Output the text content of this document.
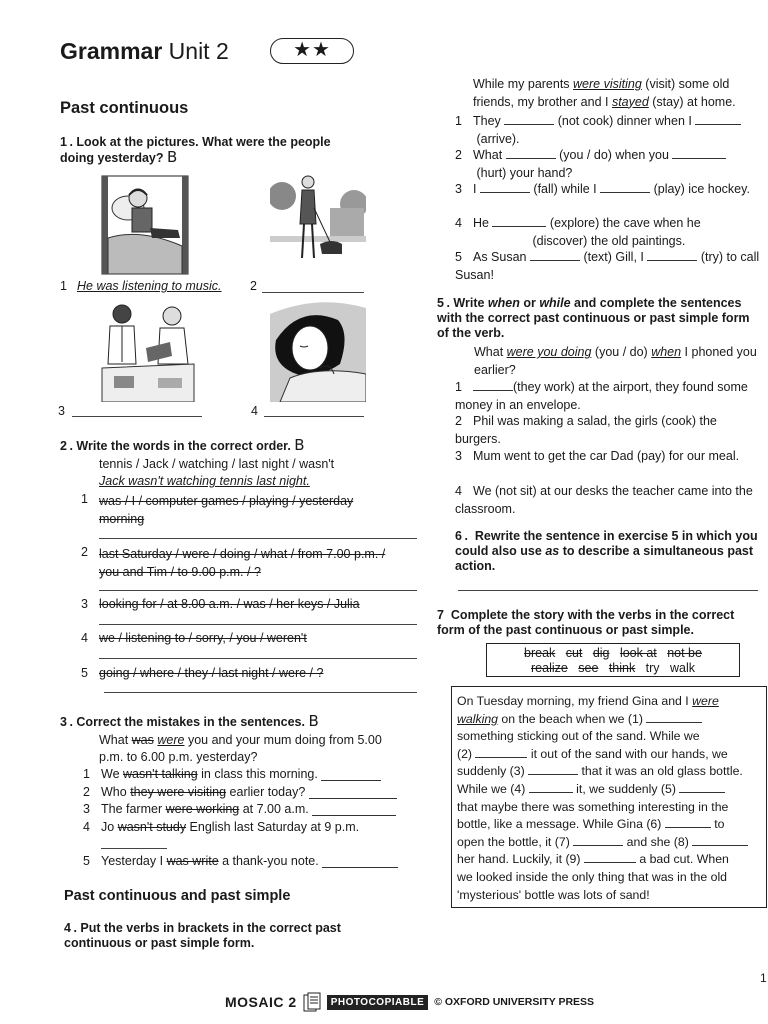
Grammar Unit 2	★★
Past continuous
1 . Look at the pictures. What were the people doing yesterday? B
1 He was listening to music. 2
3	4
2 . Write the words in the correct order. B
tennis / Jack / watching / last night / wasn't
Jack wasn't watching tennis last night.
1 was / I / computer games / playing / yesterday morning
2 last Saturday / were / doing / what / from 7.00 p.m. / you and Tim / to 9.00 p.m. / ?
3 looking for / at 8.00 a.m. / was / her keys / Julia
4 we / listening to / sorry, / you / weren't
5 going / where / they / last night / were / ?
3 . Correct the mistakes in the sentences. B
What was were you and your mum doing from 5.00 p.m. to 6.00 p.m. yesterday?
1 We wasn't talking in class this morning.
2 Who they were visiting earlier today?
3 The farmer were working at 7.00 a.m.
4 Jo wasn't study English last Saturday at 9 p.m.
5 Yesterday I was write a thank-you note.
Past continuous and past simple
4 . Put the verbs in brackets in the correct past continuous or past simple form.
While my parents were visiting (visit) some old friends, my brother and I stayed (stay) at home.
1 They	(not cook) dinner when I
(arrive).
2 What	(you / do) when you
(hurt) your hand?
3 I	(fall) while I	(play) ice hockey.
4 He	(explore) the cave when he
(discover) the old paintings.
5 As Susan	(text) Gill, I	(try) to call Susan!
5 . Write when or while and complete the sentences with the correct past continuous or past simple form of the verb.
What were you doing (you / do) when I phoned you earlier?
1	(they work) at the airport, they found some money in an envelope.
2 Phil was making a salad, the girls (cook) the burgers.
3 Mum went to get the car Dad (pay) for our meal.
4 We (not sit) at our desks the teacher came into the classroom.
6 .  Rewrite the sentence in exercise 5 in which you could also use as to describe a simultaneous past action.
7 Complete the story with the verbs in the correct form of the past continuous or past simple.
break cut dig look at not be
realize see think try walk
On Tuesday morning, my friend Gina and I were
walking on the beach when we (1)
something sticking out of the sand. While we
(2)	it out of the sand with our hands, we
suddenly (3)	that it was an old glass bottle.
While we (4)	it, we suddenly (5)
that maybe there was something interesting in the
bottle, like a message. While Gina (6)	to
open the bottle, it (7)	and she (8)
her hand. Luckily, it (9)	a bad cut. When
we looked inside the only thing that was in the old
'mysterious' bottle was lots of sand!
MOSAIC 2	PHOTOCOPIABLE © OXFORD UNIVERSITY PRESS
1
